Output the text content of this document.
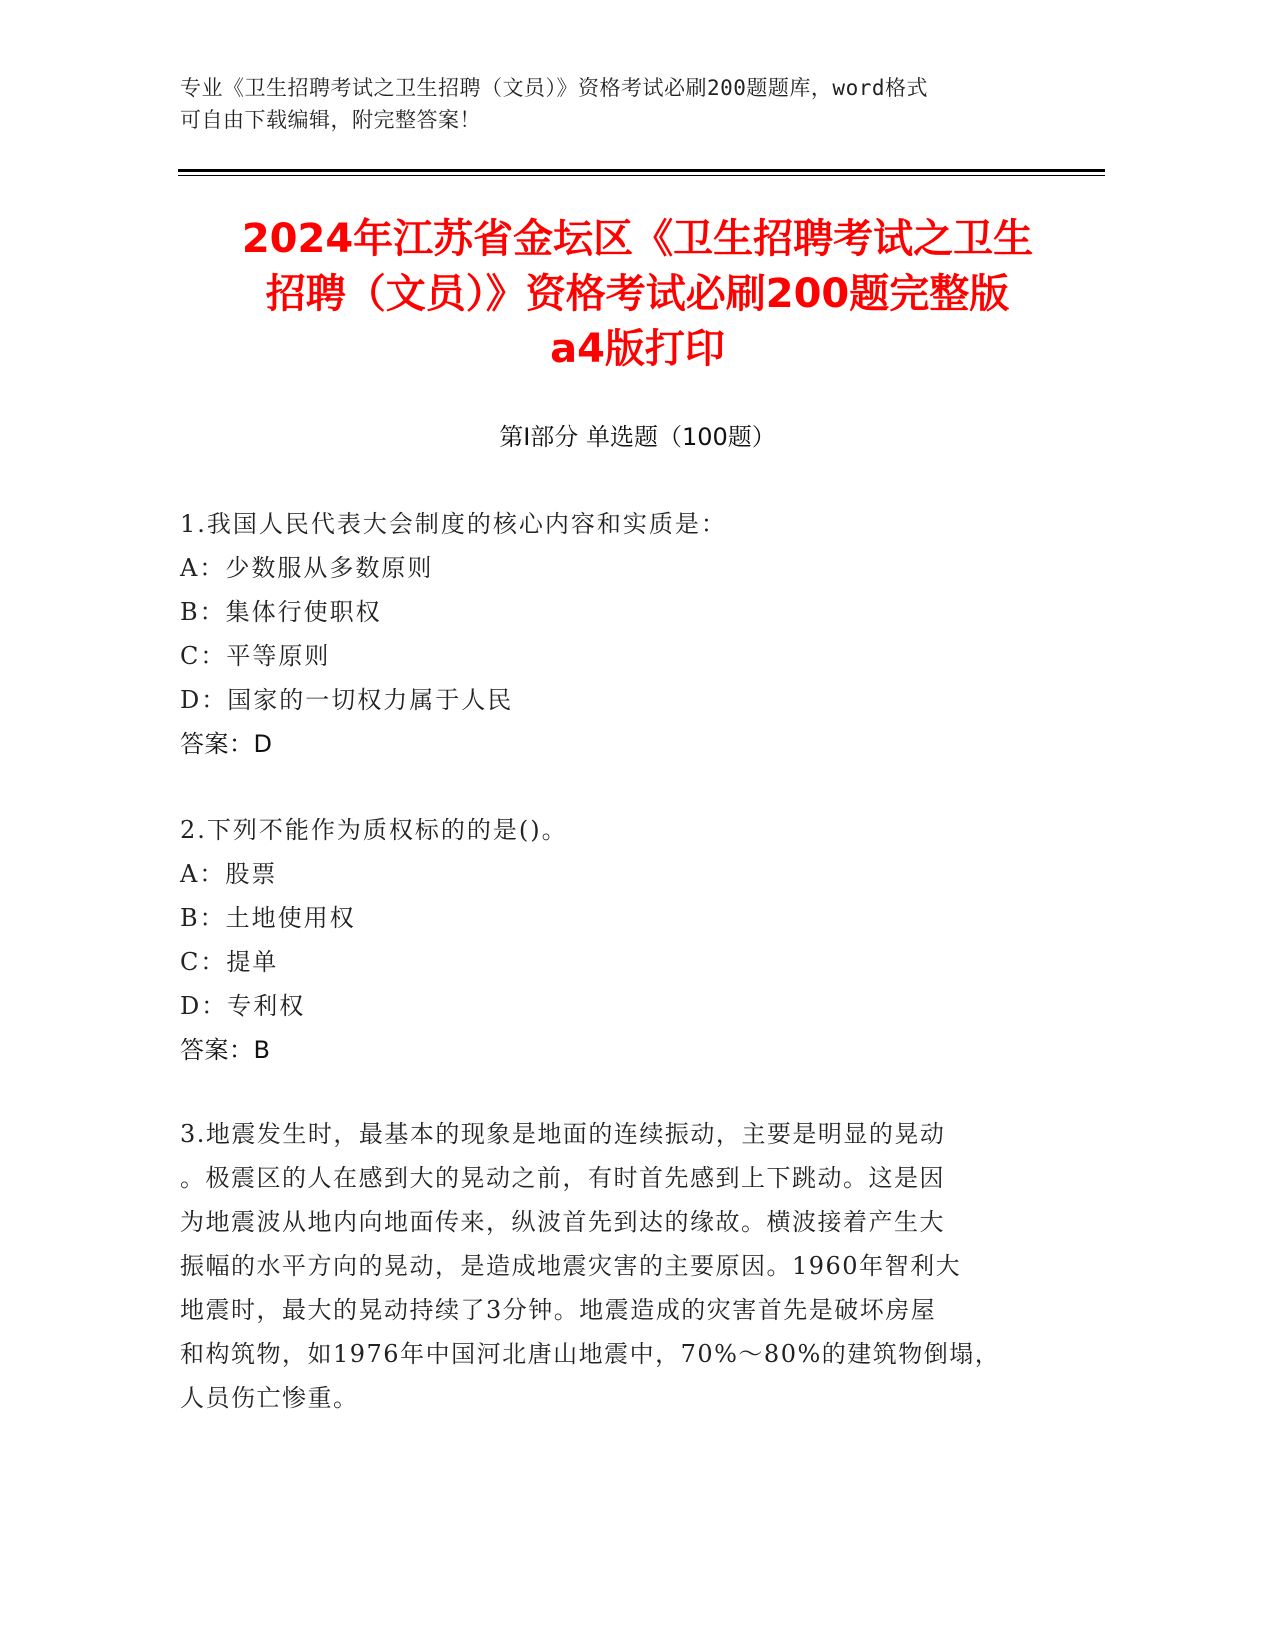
专业《卫生招聘考试之卫生招聘（文员）》资格考试必刷200题题库，word格式
可自由下载编辑，附完整答案！
2024年江苏省金坛区《卫生招聘考试之卫生
招聘（文员）》资格考试必刷200题完整版
a4版打印
第I部分 单选题（100题）
1.我国人民代表大会制度的核心内容和实质是：
A：少数服从多数原则
B：集体行使职权
C：平等原则
D：国家的一切权力属于人民
答案：D
2.下列不能作为质权标的的是()。
A：股票
B：土地使用权
C：提单
D：专利权
答案：B
3.地震发生时，最基本的现象是地面的连续振动，主要是明显的晃动
。极震区的人在感到大的晃动之前，有时首先感到上下跳动。这是因
为地震波从地内向地面传来，纵波首先到达的缘故。横波接着产生大
振幅的水平方向的晃动，是造成地震灾害的主要原因。1960年智利大
地震时，最大的晃动持续了3分钟。地震造成的灾害首先是破坏房屋
和构筑物，如1976年中国河北唐山地震中，70%～80%的建筑物倒塌，
人员伤亡惨重。
